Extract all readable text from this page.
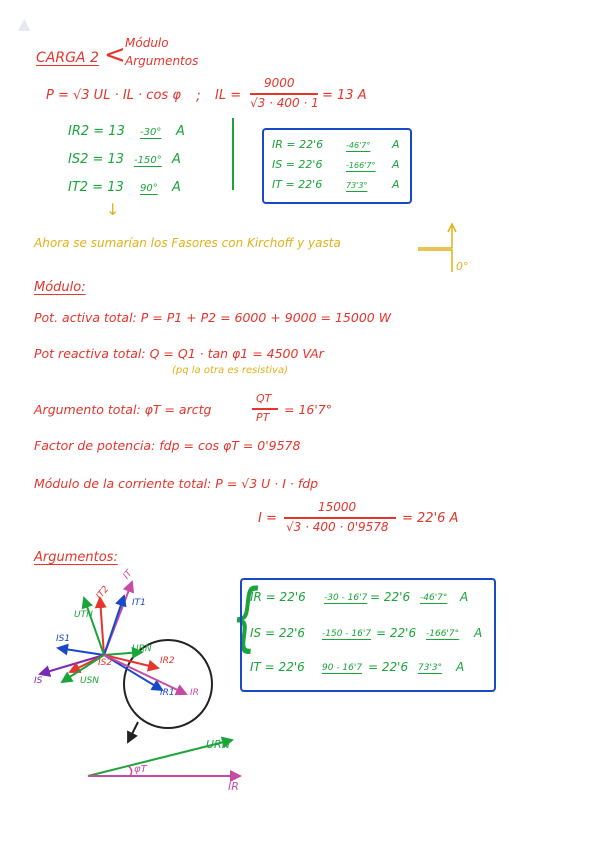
▲
CARGA 2 < Módulo
Argumentos
P = √3 UL · IL · cos φ ; IL =
9000
√3 · 400 · 1 = 13 A
IR2 = 13 -30° A
IS2 = 13 -150° A
IT2 = 13 90° A
↓
IR = 22'6	-46'7° A
IS = 22'6	-166'7° A
IT = 22'6	73'3° A
Ahora se sumarían los Fasores con Kirchoff y yasta
0°
Módulo:
Pot. activa total: P = P1 + P2 = 6000 + 9000 = 15000 W
Pot reactiva total: Q = Q1 · tan φ1 = 4500 VAr
(pq la otra es resistiva)
Argumento total: φT = arctg
QT
PT
= 16'7°
Factor de potencia: fdp = cos φT = 0'9578
Módulo de la corriente total: P = √3 U · I · fdp
I =
15000
√3 · 400 · 0'9578
= 22'6 A
Argumentos:
IT2
IT
IT1
UTN
IS1
IS
IS2
USN
URN
IR2
IR1 IR
URN
φT
IR
{
IR = 22'6 -30 - 16'7 = 22'6 -46'7° A
IS = 22'6 -150 - 16'7 = 22'6 -166'7° A
IT = 22'6 90 - 16'7 = 22'6 73'3° A
